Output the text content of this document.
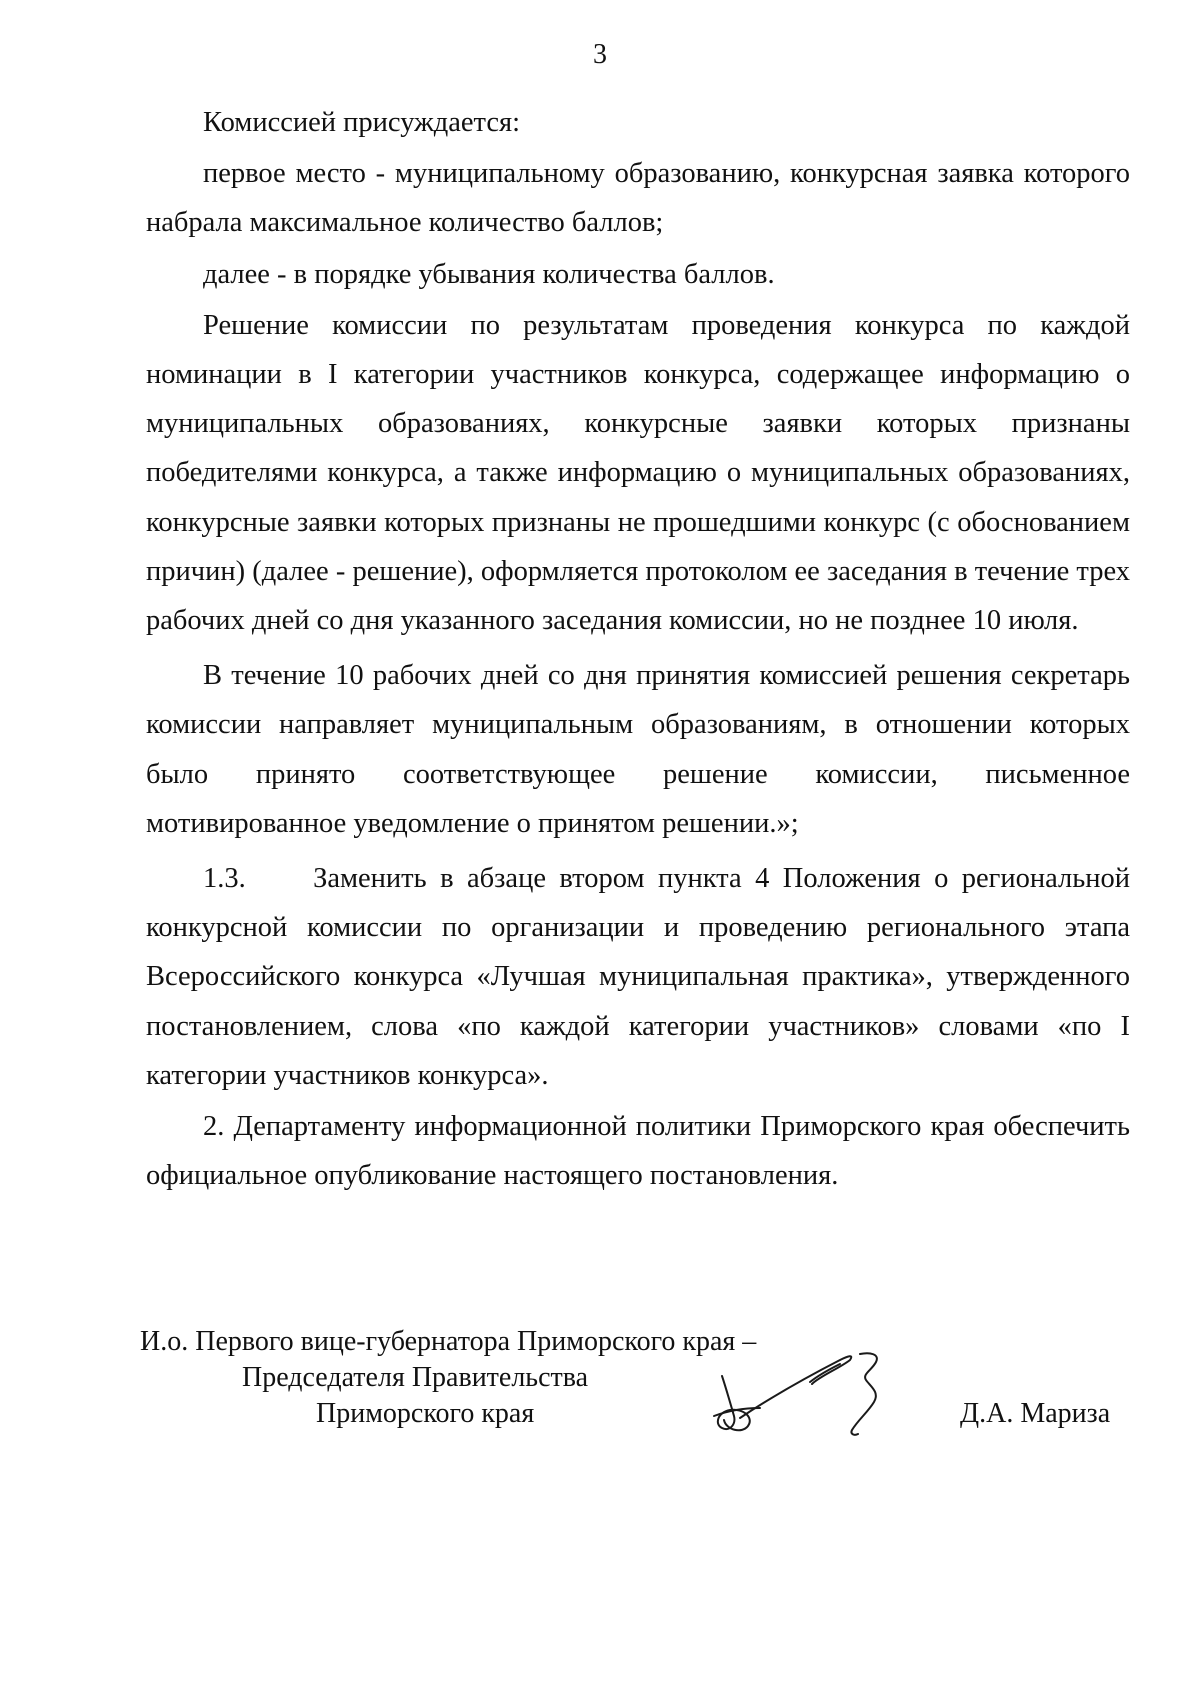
3

Комиссией присуждается:

первое место - муниципальному образованию, конкурсная заявка которого набрала максимальное количество баллов;

далее - в порядке убывания количества баллов.

Решение комиссии по результатам проведения конкурса по каждой номинации в I категории участников конкурса, содержащее информацию о муниципальных образованиях, конкурсные заявки которых признаны победителями конкурса, а также информацию о муниципальных образованиях, конкурсные заявки которых признаны не прошедшими конкурс (с обоснованием причин) (далее - решение), оформляется протоколом ее заседания в течение трех рабочих дней со дня указанного заседания комиссии, но не позднее 10 июля.

В течение 10 рабочих дней со дня принятия комиссией решения секретарь комиссии направляет муниципальным образованиям, в отношении которых было принято соответствующее решение комиссии, письменное мотивированное уведомление о принятом решении.»;

1.3. Заменить в абзаце втором пункта 4 Положения о региональной конкурсной комиссии по организации и проведению регионального этапа Всероссийского конкурса «Лучшая муниципальная практика», утвержденного постановлением, слова «по каждой категории участников» словами «по I категории участников конкурса».

2. Департаменту информационной политики Приморского края обеспечить официальное опубликование настоящего постановления.

И.о. Первого вице-губернатора Приморского края –
Председателя Правительства
Приморского края	Д.А. Мариза
